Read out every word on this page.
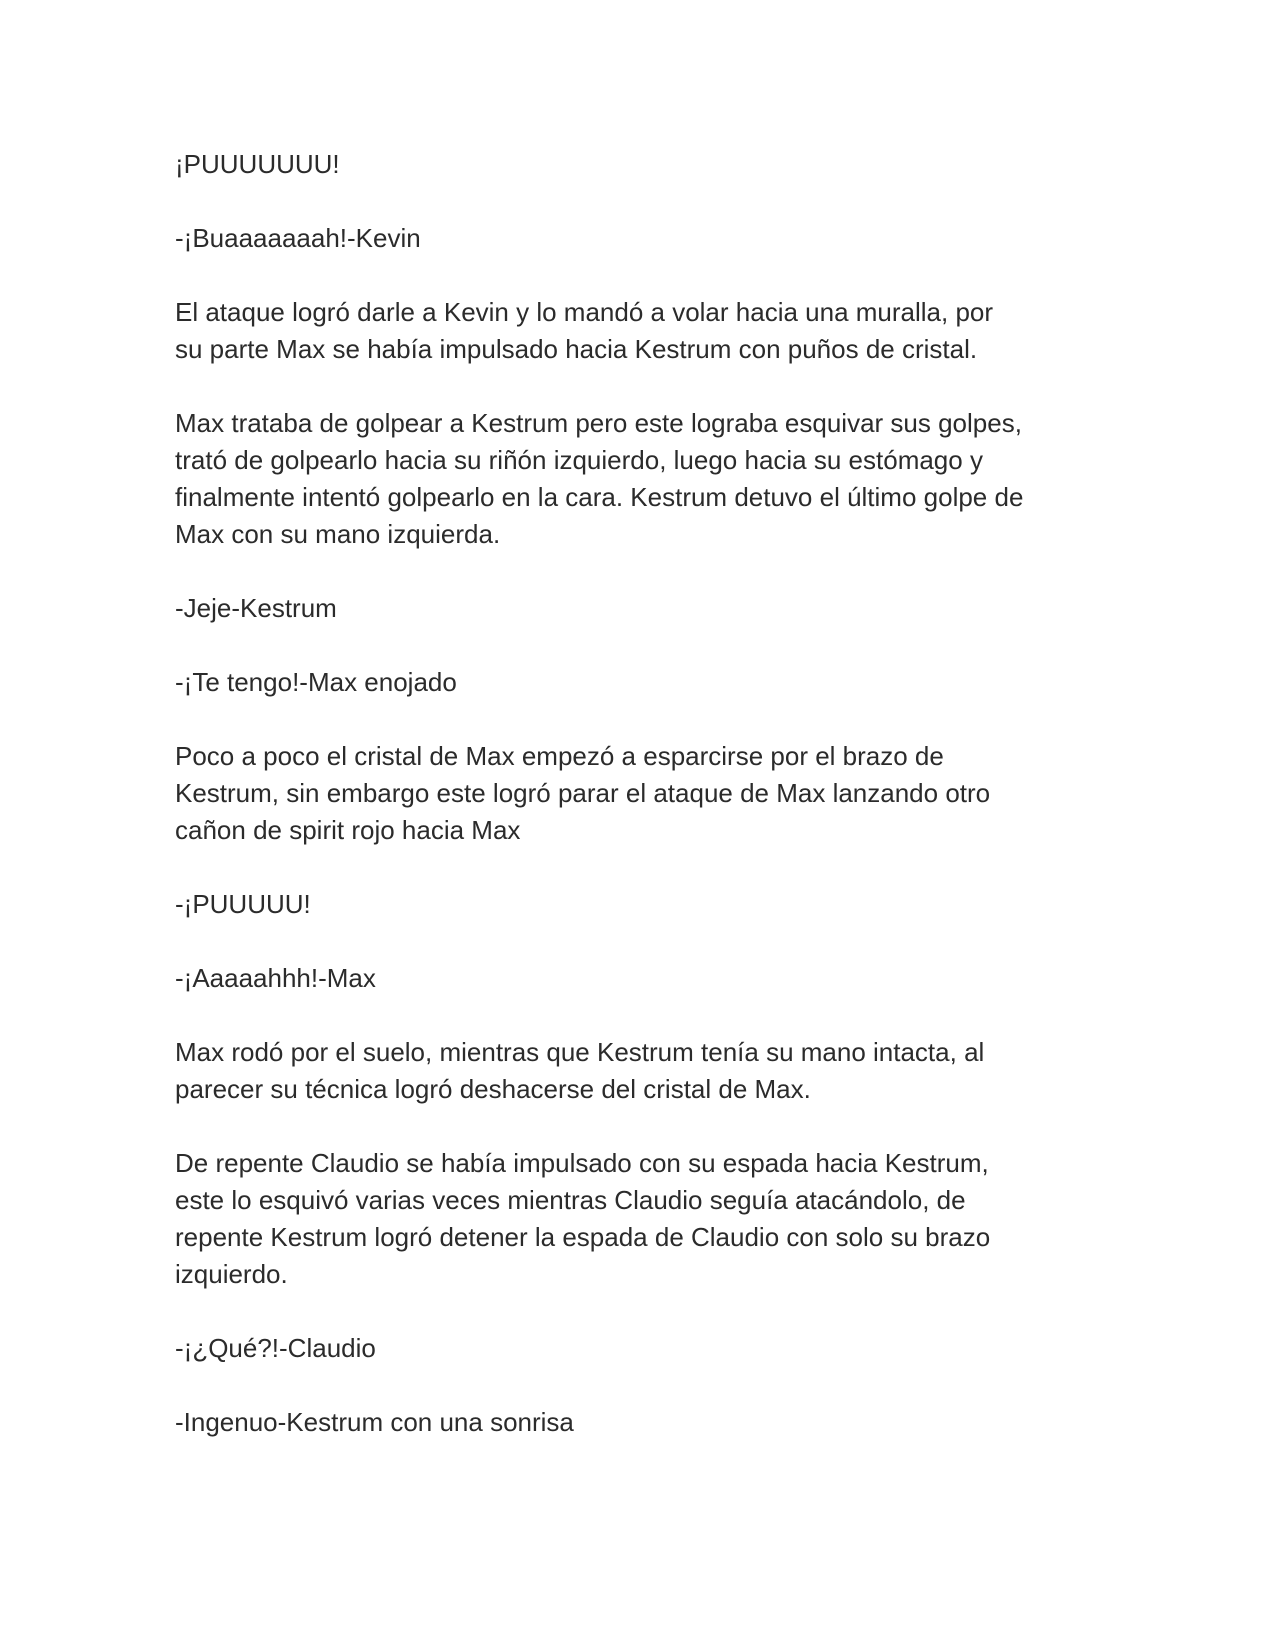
¡PUUUUUUU!

-¡Buaaaaaaah!-Kevin

El ataque logró darle a Kevin y lo mandó a volar hacia una muralla, por
su parte Max se había impulsado hacia Kestrum con puños de cristal.

Max trataba de golpear a Kestrum pero este lograba esquivar sus golpes,
trató de golpearlo hacia su riñón izquierdo, luego hacia su estómago y
finalmente intentó golpearlo en la cara. Kestrum detuvo el último golpe de
Max con su mano izquierda.

-Jeje-Kestrum

-¡Te tengo!-Max enojado

Poco a poco el cristal de Max empezó a esparcirse por el brazo de
Kestrum, sin embargo este logró parar el ataque de Max lanzando otro
cañon de spirit rojo hacia Max

-¡PUUUUU!

-¡Aaaaahhh!-Max

Max rodó por el suelo, mientras que Kestrum tenía su mano intacta, al
parecer su técnica logró deshacerse del cristal de Max.

De repente Claudio se había impulsado con su espada hacia Kestrum,
este lo esquivó varias veces mientras Claudio seguía atacándolo, de
repente Kestrum logró detener la espada de Claudio con solo su brazo
izquierdo.

-¡¿Qué?!-Claudio

-Ingenuo-Kestrum con una sonrisa
